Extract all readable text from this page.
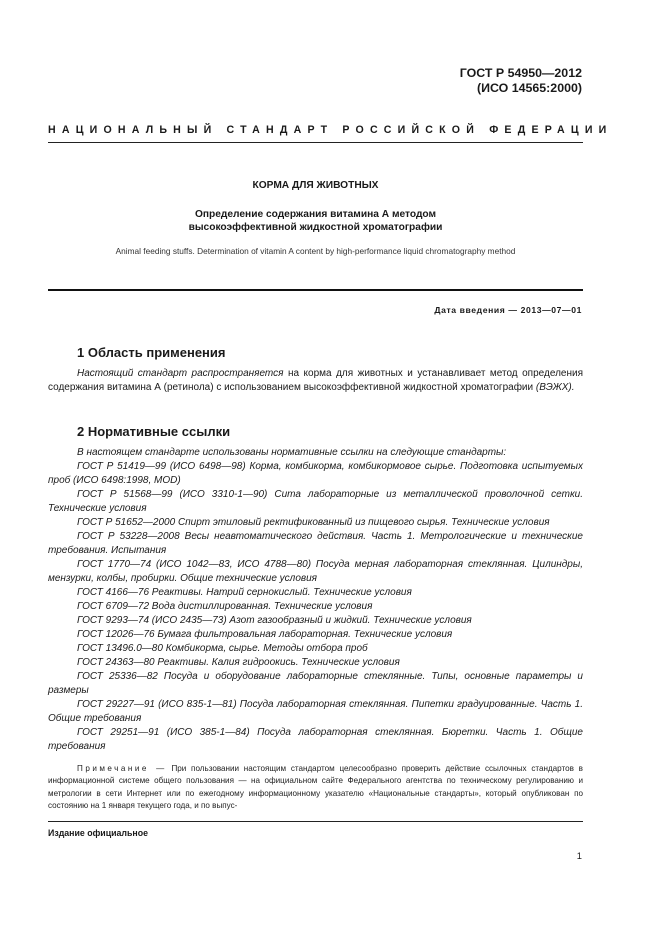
ГОСТ Р 54950—2012
(ИСО 14565:2000)
НАЦИОНАЛЬНЫЙ СТАНДАРТ РОССИЙСКОЙ ФЕДЕРАЦИИ
КОРМА ДЛЯ ЖИВОТНЫХ
Определение содержания витамина А методом
высокоэффективной жидкостной хроматографии
Animal feeding stuffs. Determination of vitamin A content by high-performance liquid chromatography method
Дата введения — 2013—07—01
1 Область применения

Настоящий стандарт распространяется на корма для животных и устанавливает метод определения содержания витамина А (ретинола) с использованием высокоэффективной жидкостной хроматографии (ВЭЖХ).

2 Нормативные ссылки

В настоящем стандарте использованы нормативные ссылки на следующие стандарты:

ГОСТ Р 51419—99 (ИСО 6498—98) Корма, комбикорма, комбикормовое сырье. Подготовка испытуемых проб (ИСО 6498:1998, MOD)

ГОСТ Р 51568—99 (ИСО 3310-1—90) Сита лабораторные из металлической проволочной сетки. Технические условия

ГОСТ Р 51652—2000 Спирт этиловый ректификованный из пищевого сырья. Технические условия

ГОСТ Р 53228—2008 Весы неавтоматического действия. Часть 1. Метрологические и технические требования. Испытания

ГОСТ 1770—74 (ИСО 1042—83, ИСО 4788—80) Посуда мерная лабораторная стеклянная. Цилиндры, мензурки, колбы, пробирки. Общие технические условия

ГОСТ 4166—76 Реактивы. Натрий сернокислый. Технические условия

ГОСТ 6709—72 Вода дистиллированная. Технические условия

ГОСТ 9293—74 (ИСО 2435—73) Азот газообразный и жидкий. Технические условия

ГОСТ 12026—76 Бумага фильтровальная лабораторная. Технические условия

ГОСТ 13496.0—80 Комбикорма, сырье. Методы отбора проб

ГОСТ 24363—80 Реактивы. Калия гидроокись. Технические условия

ГОСТ 25336—82 Посуда и оборудование лабораторные стеклянные. Типы, основные параметры и размеры

ГОСТ 29227—91 (ИСО 835-1—81) Посуда лабораторная стеклянная. Пипетки градуированные. Часть 1. Общие требования

ГОСТ 29251—91 (ИСО 385-1—84) Посуда лабораторная стеклянная. Бюретки. Часть 1. Общие требования

Примечание — При пользовании настоящим стандартом целесообразно проверить действие ссылочных стандартов в информационной системе общего пользования — на официальном сайте Федерального агентства по техническому регулированию и метрологии в сети Интернет или по ежегодному информационному указателю «Национальные стандарты», который опубликован по состоянию на 1 января текущего года, и по выпус-
Издание официальное
1
